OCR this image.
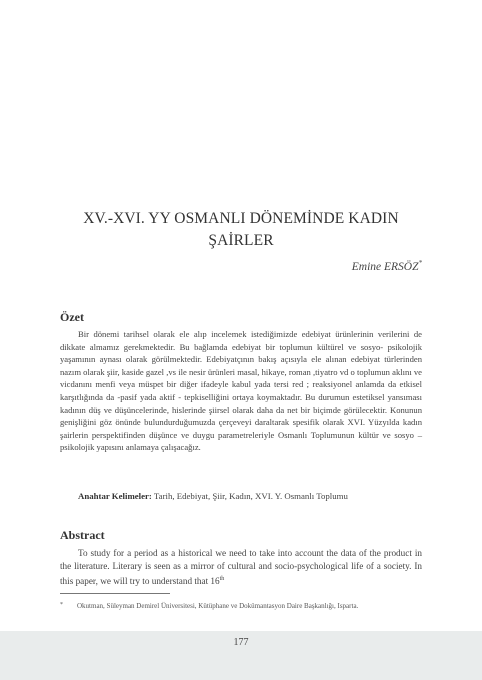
XV.-XVI. YY OSMANLI DÖNEMİNDE KADIN
ŞAİRLER
Emine ERSÖZ*
Özet
Bir dönemi tarihsel olarak ele alıp incelemek istediğimizde edebiyat ürünlerinin verilerini de dikkate almamız gerekmektedir. Bu bağlamda edebiyat bir toplumun kültürel ve sosyo- psikolojik yaşamının aynası olarak görülmektedir. Edebiyatçının bakış açısıyla ele alınan edebiyat türlerinden nazım olarak şiir, kaside gazel ,vs ile nesir ürünleri masal, hikaye, roman ,tiyatro vd o toplumun aklını ve vicdanını menfi veya müspet bir diğer ifadeyle kabul yada tersi red ; reaksiyonel anlamda da etkisel karşıtlığında da -pasif yada aktif - tepkiselliğini ortaya koymaktadır. Bu durumun estetiksel yansıması kadının düş ve düşüncelerinde, hislerinde şiirsel olarak daha da net bir biçimde görülecektir. Konunun genişliğini göz önünde bulundurduğumuzda çerçeveyi daraltarak spesifik olarak XVI. Yüzyılda kadın şairlerin perspektifinden düşünce ve duygu parametreleriyle Osmanlı Toplumunun kültür ve sosyo –psikolojik yapısını anlamaya çalışacağız.
Anahtar Kelimeler: Tarih, Edebiyat, Şiir, Kadın, XVI. Y. Osmanlı Toplumu
Abstract
To study for a period as a historical we need to take into account the data of the product in the literature. Literary is seen as a mirror of cultural and socio-psychological life of a society. In this paper, we will try to understand that 16th
*	Okutman, Süleyman Demirel Üniversitesi, Kütüphane ve Dokümantasyon Daire Başkanlığı, Isparta.
177
